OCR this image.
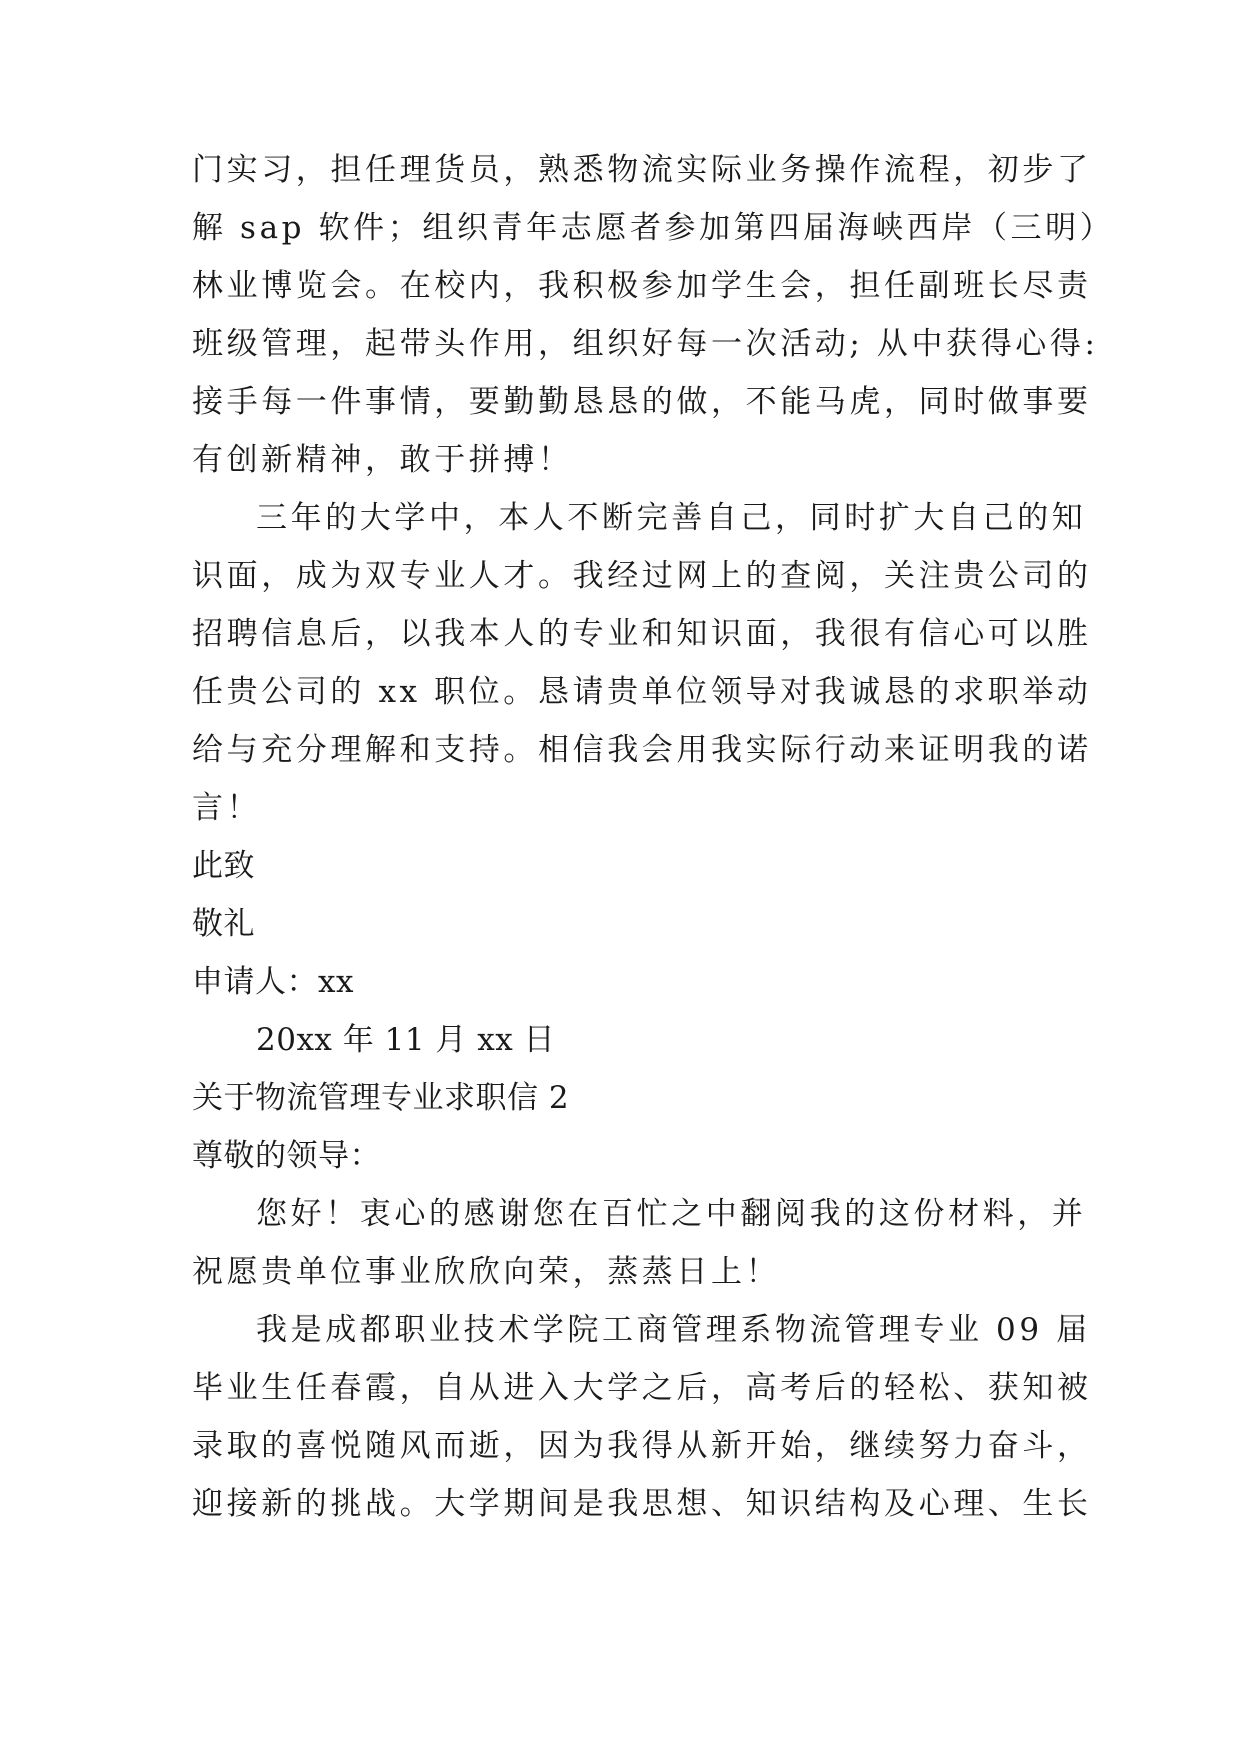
门实习，担任理货员，熟悉物流实际业务操作流程，初步了
解 sap 软件；组织青年志愿者参加第四届海峡西岸（三明）
林业博览会。在校内，我积极参加学生会，担任副班长尽责
班级管理，起带头作用，组织好每一次活动; 从中获得心得:
接手每一件事情，要勤勤恳恳的做，不能马虎，同时做事要
有创新精神，敢于拼搏！
三年的大学中，本人不断完善自己，同时扩大自己的知
识面，成为双专业人才。我经过网上的查阅，关注贵公司的
招聘信息后，以我本人的专业和知识面，我很有信心可以胜
任贵公司的 xx 职位。恳请贵单位领导对我诚恳的求职举动
给与充分理解和支持。相信我会用我实际行动来证明我的诺
言！
此致
敬礼
申请人：xx
20xx 年 11 月 xx 日
关于物流管理专业求职信 2
尊敬的领导：
您好！衷心的感谢您在百忙之中翻阅我的这份材料，并
祝愿贵单位事业欣欣向荣，蒸蒸日上！
我是成都职业技术学院工商管理系物流管理专业 09 届
毕业生任春霞，自从进入大学之后，高考后的轻松、获知被
录取的喜悦随风而逝，因为我得从新开始，继续努力奋斗，
迎接新的挑战。大学期间是我思想、知识结构及心理、生长
